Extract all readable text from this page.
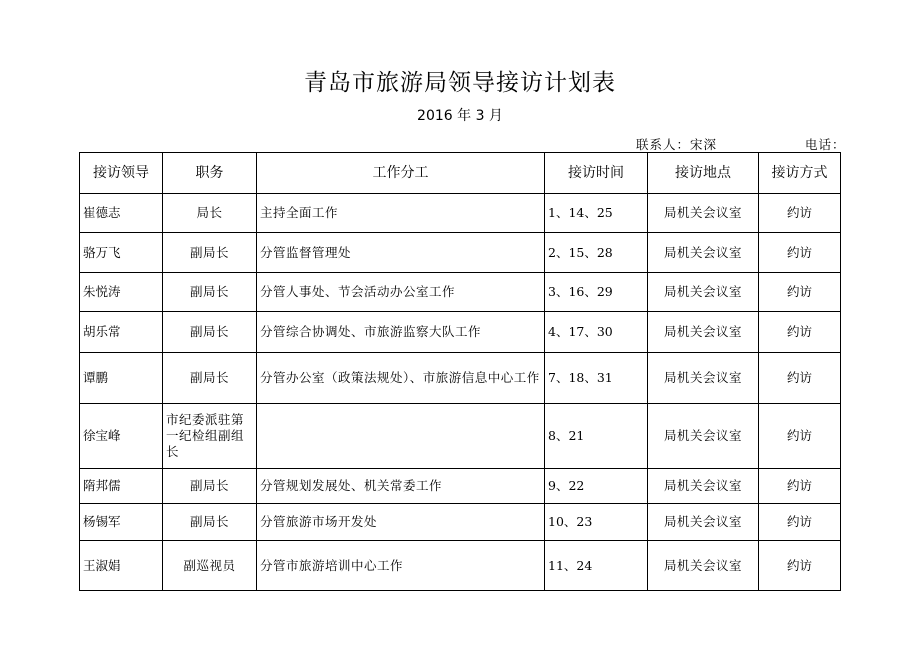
青岛市旅游局领导接访计划表
2016 年 3 月
联系人：宋深	电话：
接访领导	职务	工作分工	接访时间	接访地点	接访方式
崔德志	局长	主持全面工作	1、14、25	局机关会议室	约访
骆万飞	副局长	分管监督管理处	2、15、28	局机关会议室	约访
朱悦涛	副局长	分管人事处、节会活动办公室工作	3、16、29	局机关会议室	约访
胡乐常	副局长	分管综合协调处、市旅游监察大队工作	4、17、30	局机关会议室	约访
谭鹏	副局长	分管办公室（政策法规处）、市旅游信息中心工作	7、18、31	局机关会议室	约访
徐宝峰	市纪委派驻第一纪检组副组长		8、21	局机关会议室	约访
隋邦儒	副局长	分管规划发展处、机关常委工作	9、22	局机关会议室	约访
杨锡军	副局长	分管旅游市场开发处	10、23	局机关会议室	约访
王淑娟	副巡视员	分管市旅游培训中心工作	11、24	局机关会议室	约访
